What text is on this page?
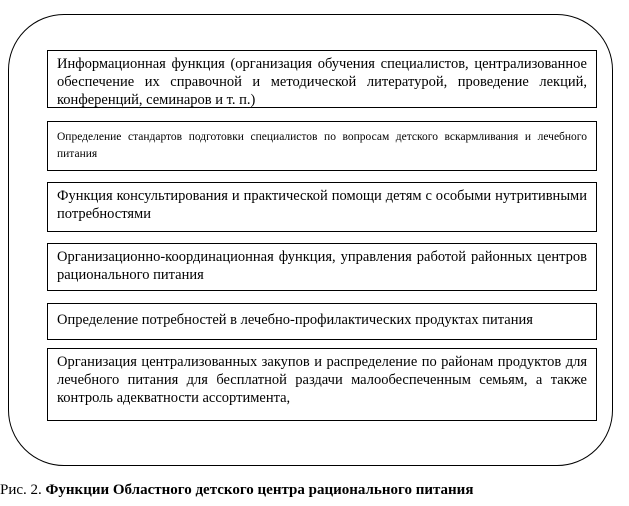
Информационная функция (организация обучения специалистов, централизованное обеспечение их справочной и методической литературой, проведение лекций, конференций, семинаров и т. п.)
Определение стандартов подготовки специалистов по вопросам детского вскармливания и лечебного питания
Функция консультирования и практической помощи детям с особыми нутритивными потребностями
Организационно-координационная функция, управления работой районных центров рационального питания
Определение потребностей в лечебно-профилактических продуктах питания
Организация централизованных закупов и распределение по районам продуктов для лечебного питания для бесплатной раздачи малообеспеченным семьям, а также контроль адекватности ассортимента,
Рис. 2. Функции Областного детского центра рационального питания
